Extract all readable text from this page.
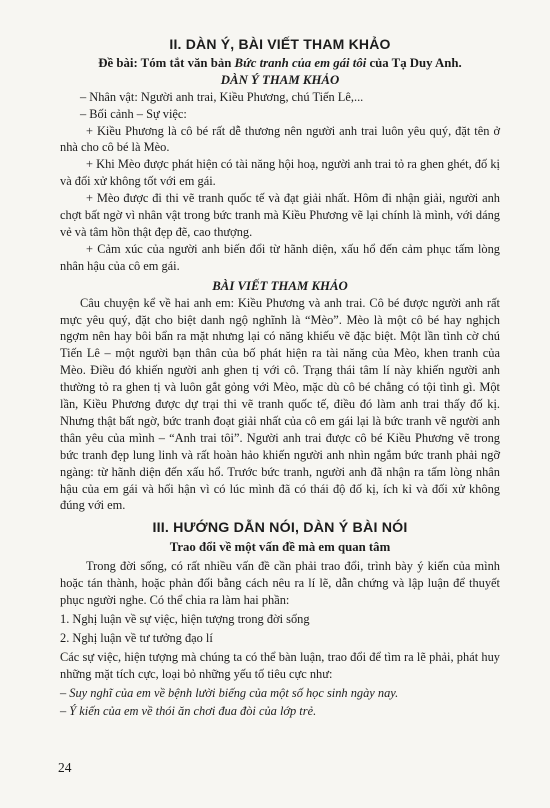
II. DÀN Ý, BÀI VIẾT THAM KHẢO

Đề bài: Tóm tắt văn bản Bức tranh của em gái tôi của Tạ Duy Anh.

DÀN Ý THAM KHẢO

– Nhân vật: Người anh trai, Kiều Phương, chú Tiến Lê,...

– Bối cảnh – Sự việc:

+ Kiều Phương là cô bé rất dễ thương nên người anh trai luôn yêu quý, đặt tên ở nhà cho cô bé là Mèo.

+ Khi Mèo được phát hiện có tài năng hội hoạ, người anh trai tỏ ra ghen ghét, đố kị và đối xử không tốt với em gái.

+ Mèo được đi thi vẽ tranh quốc tế và đạt giải nhất. Hôm đi nhận giải, người anh chợt bất ngờ vì nhân vật trong bức tranh mà Kiều Phương vẽ lại chính là mình, với dáng vẻ và tâm hồn thật đẹp đẽ, cao thượng.

+ Cảm xúc của người anh biến đổi từ hãnh diện, xấu hổ đến cảm phục tấm lòng nhân hậu của cô em gái.

BÀI VIẾT THAM KHẢO

Câu chuyện kể về hai anh em: Kiều Phương và anh trai. Cô bé được người anh rất mực yêu quý, đặt cho biệt danh ngộ nghĩnh là “Mèo”. Mèo là một cô bé hay nghịch ngợm nên hay bôi bẩn ra mặt nhưng lại có năng khiếu vẽ đặc biệt. Một lần tình cờ chú Tiến Lê – một người bạn thân của bố phát hiện ra tài năng của Mèo, khen tranh của Mèo. Điều đó khiến người anh ghen tị với cô. Trạng thái tâm lí này khiến người anh thường tỏ ra ghen tị và luôn gắt gỏng với Mèo, mặc dù cô bé chẳng có tội tình gì. Một lần, Kiều Phương được dự trại thi vẽ tranh quốc tế, điều đó làm anh trai thấy đố kị. Nhưng thật bất ngờ, bức tranh đoạt giải nhất của cô em gái lại là bức tranh vẽ người anh thân yêu của mình – “Anh trai tôi”. Người anh trai được cô bé Kiều Phương vẽ trong bức tranh đẹp lung linh và rất hoàn hảo khiến người anh nhìn ngắm bức tranh phải ngỡ ngàng: từ hãnh diện đến xấu hổ. Trước bức tranh, người anh đã nhận ra tấm lòng nhân hậu của em gái và hối hận vì có lúc mình đã có thái độ đố kị, ích kỉ và đối xử không đúng với em.

III. HƯỚNG DẪN NÓI, DÀN Ý BÀI NÓI

Trao đổi về một vấn đề mà em quan tâm

Trong đời sống, có rất nhiều vấn đề cần phải trao đổi, trình bày ý kiến của mình hoặc tán thành, hoặc phản đối bằng cách nêu ra lí lẽ, dẫn chứng và lập luận để thuyết phục người nghe. Có thể chia ra làm hai phần:

1. Nghị luận về sự việc, hiện tượng trong đời sống

2. Nghị luận về tư tưởng đạo lí

Các sự việc, hiện tượng mà chúng ta có thể bàn luận, trao đổi để tìm ra lẽ phải, phát huy những mặt tích cực, loại bỏ những yếu tố tiêu cực như:

– Suy nghĩ của em về bệnh lười biếng của một số học sinh ngày nay.

– Ý kiến của em về thói ăn chơi đua đòi của lớp trẻ.

24
